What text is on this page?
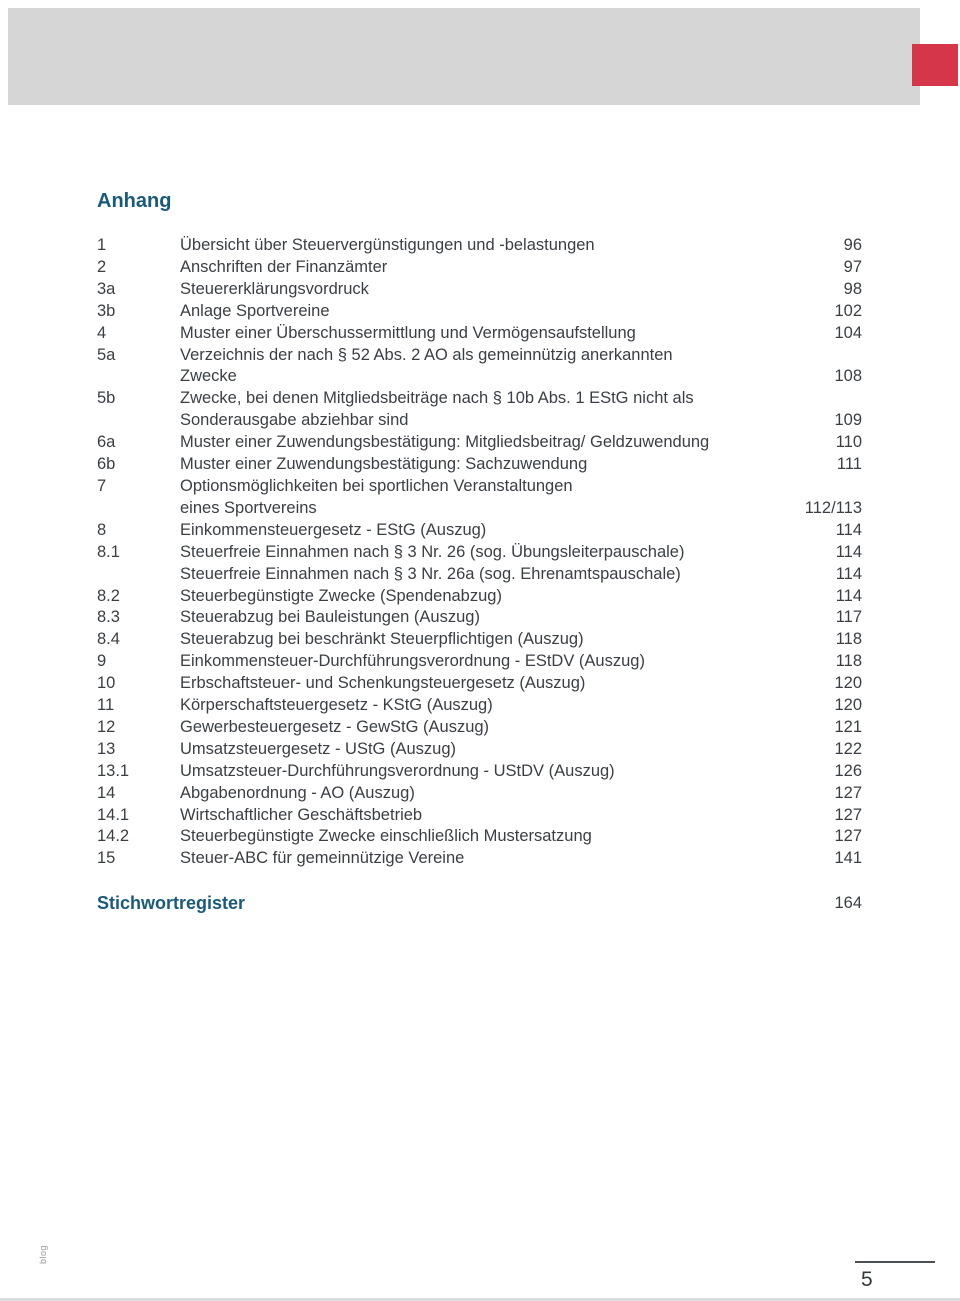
Anhang
1	Übersicht über Steuervergünstigungen und -belastungen	96
2	Anschriften der Finanzämter	97
3a	Steuererklärungsvordruck	98
3b	Anlage Sportvereine	102
4	Muster einer Überschussermittlung und Vermögensaufstellung	104
5a	Verzeichnis der nach § 52 Abs. 2 AO als gemeinnützig anerkannten
Zwecke	108
5b	Zwecke, bei denen Mitgliedsbeiträge nach § 10b Abs. 1 EStG nicht als
Sonderausgabe abziehbar sind	109
6a	Muster einer Zuwendungsbestätigung: Mitgliedsbeitrag/ Geldzuwendung	110
6b	Muster einer Zuwendungsbestätigung: Sachzuwendung	111
7	Optionsmöglichkeiten bei sportlichen Veranstaltungen
eines Sportvereins	112/113
8	Einkommensteuergesetz - EStG (Auszug)	114
8.1	Steuerfreie Einnahmen nach § 3 Nr. 26 (sog. Übungsleiterpauschale)	114
Steuerfreie Einnahmen nach § 3 Nr. 26a (sog. Ehrenamtspauschale)	114
8.2	Steuerbegünstigte Zwecke (Spendenabzug)	114
8.3	Steuerabzug bei Bauleistungen (Auszug)	117
8.4	Steuerabzug bei beschränkt Steuerpflichtigen (Auszug)	118
9	Einkommensteuer-Durchführungsverordnung - EStDV (Auszug)	118
10	Erbschaftsteuer- und Schenkungsteuergesetz (Auszug)	120
11	Körperschaftsteuergesetz - KStG (Auszug)	120
12	Gewerbesteuergesetz - GewStG (Auszug)	121
13	Umsatzsteuergesetz - UStG (Auszug)	122
13.1	Umsatzsteuer-Durchführungsverordnung - UStDV (Auszug)	126
14	Abgabenordnung - AO (Auszug)	127
14.1	Wirtschaftlicher Geschäftsbetrieb	127
14.2	Steuerbegünstigte Zwecke einschließlich Mustersatzung	127
15	Steuer-ABC für gemeinnützige Vereine	141
Stichwortregister	164
blog
5
